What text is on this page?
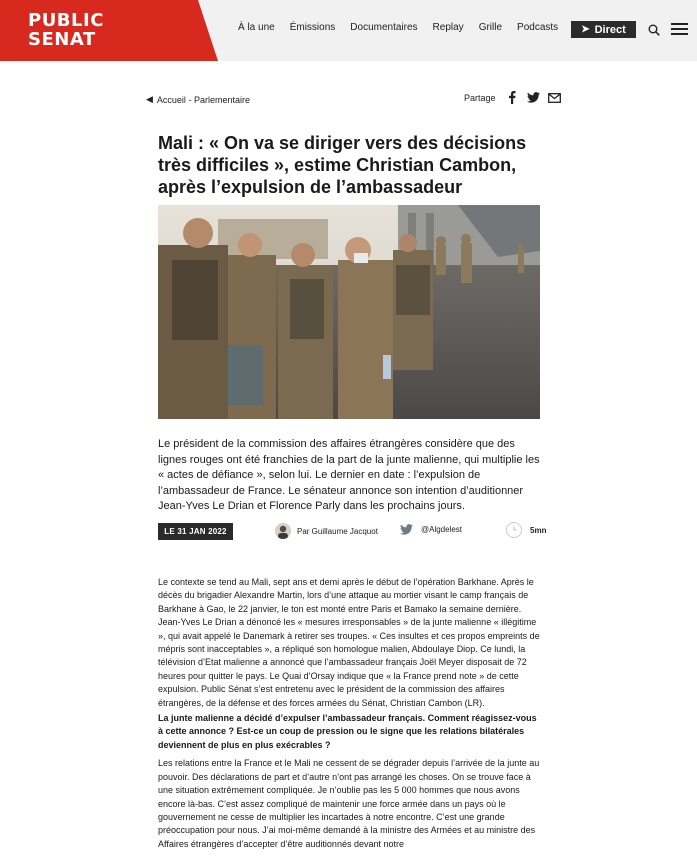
PUBLIC
SENAT
À la une Émissions Documentaires Replay Grille Podcasts ➤ Direct
◀ Accueil - Parlementaire	Partage
Mali : « On va se diriger vers des décisions très difficiles », estime Christian Cambon, après l’expulsion de l’ambassadeur

Le président de la commission des affaires étrangères considère que des lignes rouges ont été franchies de la part de la junte malienne, qui multiplie les « actes de défiance », selon lui. Le dernier en date : l’expulsion de l’ambassadeur de France. Le sénateur annonce son intention d’auditionner Jean-Yves Le Drian et Florence Parly dans les prochains jours.

LE 31 JAN 2022	Par Guillaume Jacquot	@Algdelest	5mn

Le contexte se tend au Mali, sept ans et demi après le début de l’opération Barkhane. Après le décès du brigadier Alexandre Martin, lors d’une attaque au mortier visant le camp français de Barkhane à Gao, le 22 janvier, le ton est monté entre Paris et Bamako la semaine dernière. Jean-Yves Le Drian a dénoncé les « mesures irresponsables » de la junte malienne « illégitime », qui avait appelé le Danemark à retirer ses troupes. « Ces insultes et ces propos empreints de mépris sont inacceptables », a répliqué son homologue malien, Abdoulaye Diop. Ce lundi, la télévision d’Etat malienne a annoncé que l’ambassadeur français Joël Meyer disposait de 72 heures pour quitter le pays. Le Quai d’Orsay indique que « la France prend note » de cette expulsion. Public Sénat s’est entretenu avec le président de la commission des affaires étrangères, de la défense et des forces armées du Sénat, Christian Cambon (LR).

La junte malienne a décidé d’expulser l’ambassadeur français. Comment réagissez-vous à cette annonce ? Est-ce un coup de pression ou le signe que les relations bilatérales deviennent de plus en plus exécrables ?

Les relations entre la France et le Mali ne cessent de se dégrader depuis l’arrivée de la junte au pouvoir. Des déclarations de part et d’autre n’ont pas arrangé les choses. On se trouve face à une situation extrêmement compliquée. Je n’oublie pas les 5 000 hommes que nous avons encore là-bas. C’est assez compliqué de maintenir une force armée dans un pays où le gouvernement ne cesse de multiplier les incartades à notre encontre. C’est une grande préoccupation pour nous. J’ai moi-même demandé à la ministre des Armées et au ministre des Affaires étrangères d’accepter d’être auditionnés devant notre
